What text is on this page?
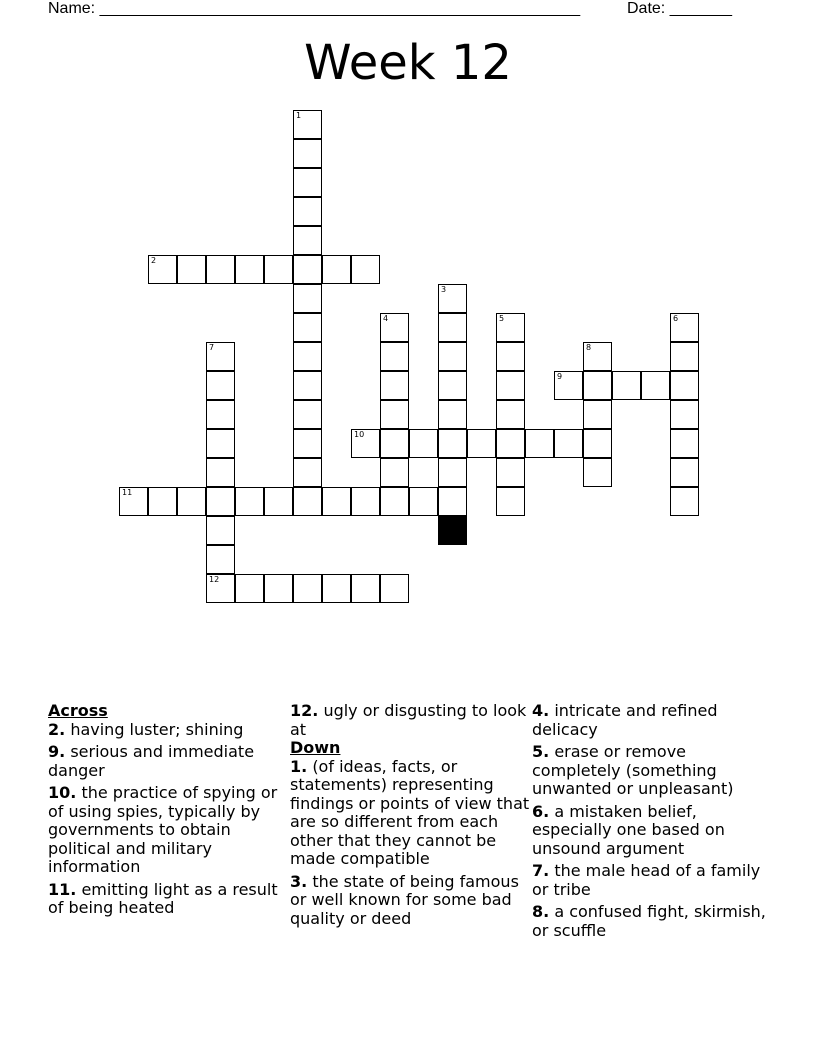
Name: ______________________________________________________	Date: _______
Week 12
1
2
3
4	5	6
7
12
8
9
10
11

Across

2. having luster; shining

9. serious and immediate danger

10. the practice of spying or of using spies, typically by governments to obtain political and military information

11. emitting light as a result of being heated

12. ugly or disgusting to look at

Down

1. (of ideas, facts, or statements) representing findings or points of view that are so different from each other that they cannot be made compatible

3. the state of being famous or well known for some bad quality or deed

4. intricate and refined delicacy

5. erase or remove completely (something unwanted or unpleasant)

6. a mistaken belief, especially one based on unsound argument

7. the male head of a family or tribe

8. a confused fight, skirmish, or scuffle
